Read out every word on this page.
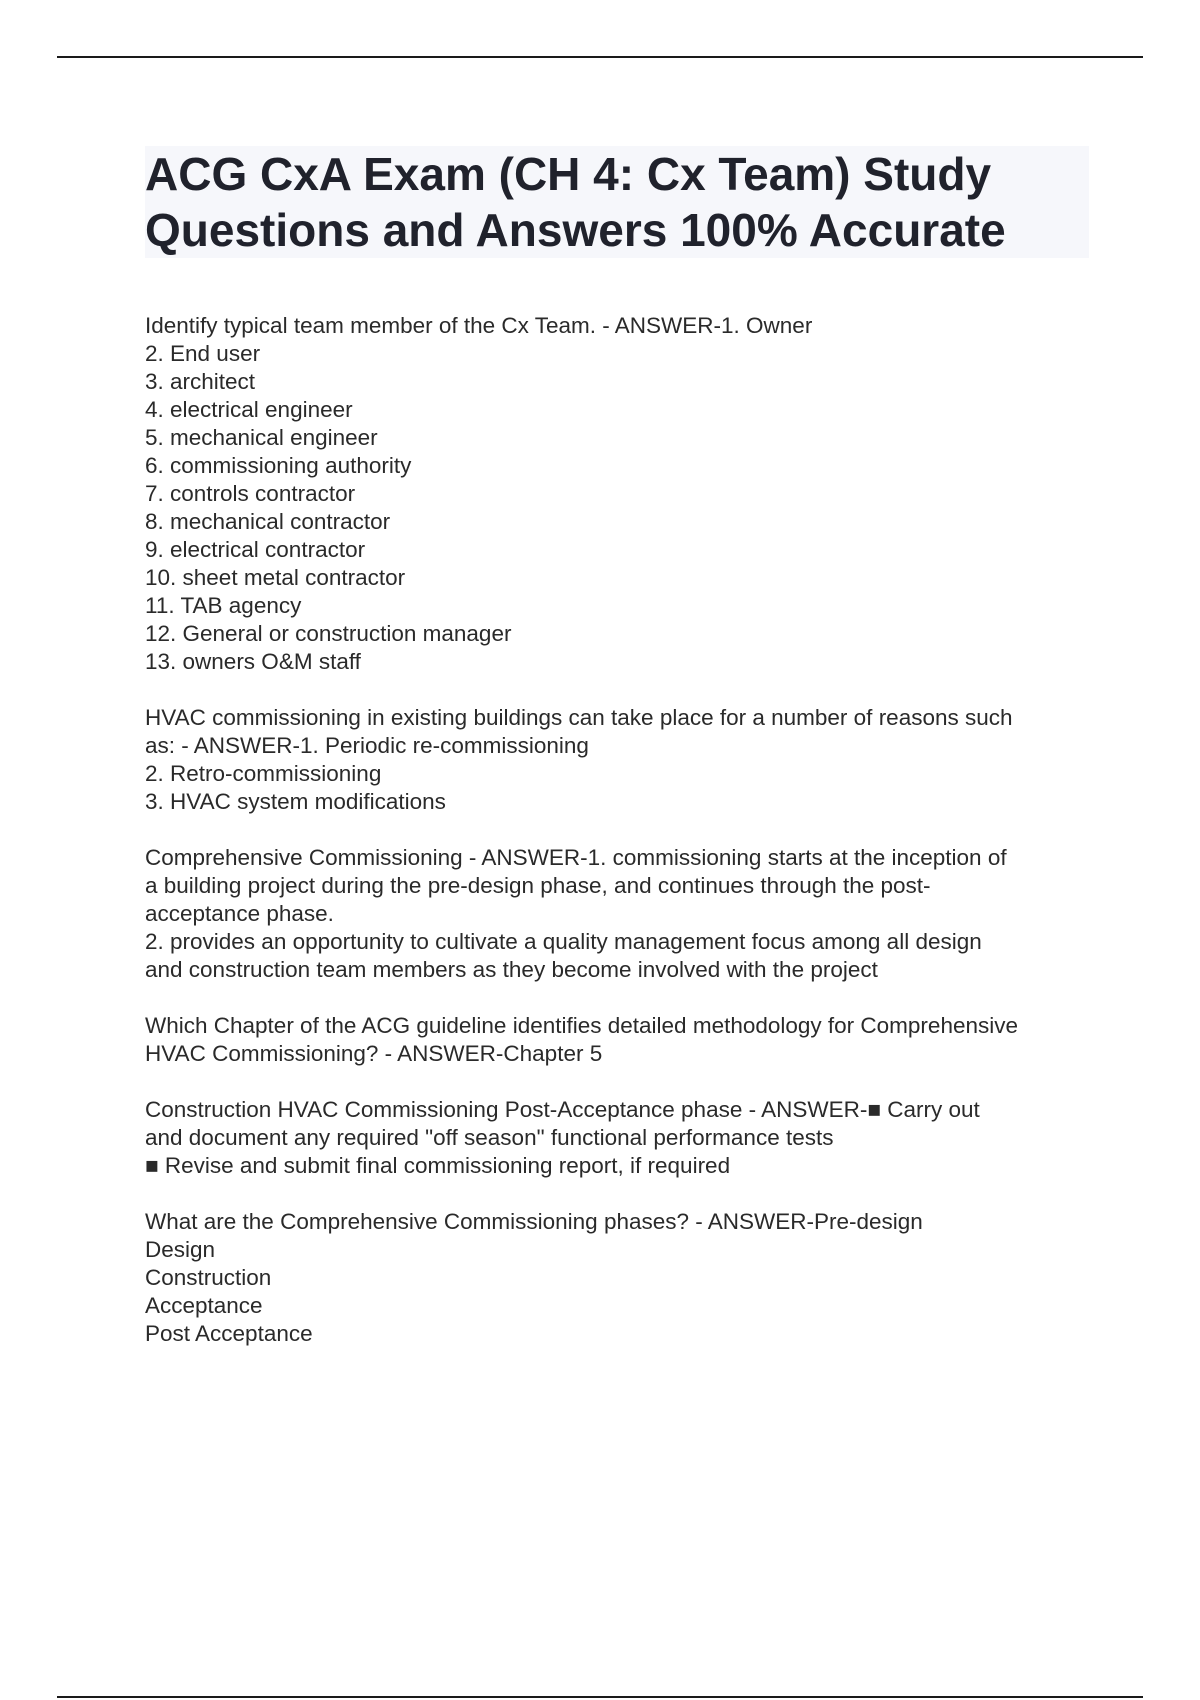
ACG CxA Exam (CH 4: Cx Team) Study
Questions and Answers 100% Accurate
Identify typical team member of the Cx Team. - ANSWER-1. Owner
2. End user
3. architect
4. electrical engineer
5. mechanical engineer
6. commissioning authority
7. controls contractor
8. mechanical contractor
9. electrical contractor
10. sheet metal contractor
11. TAB agency
12. General or construction manager
13. owners O&M staff
HVAC commissioning in existing buildings can take place for a number of reasons such
as: - ANSWER-1. Periodic re-commissioning
2. Retro-commissioning
3. HVAC system modifications
Comprehensive Commissioning - ANSWER-1. commissioning starts at the inception of
a building project during the pre-design phase, and continues through the post-
acceptance phase.
2. provides an opportunity to cultivate a quality management focus among all design
and construction team members as they become involved with the project
Which Chapter of the ACG guideline identifies detailed methodology for Comprehensive
HVAC Commissioning? - ANSWER-Chapter 5
Construction HVAC Commissioning Post-Acceptance phase - ANSWER-■ Carry out
and document any required "off season" functional performance tests
■ Revise and submit final commissioning report, if required
What are the Comprehensive Commissioning phases? - ANSWER-Pre-design
Design
Construction
Acceptance
Post Acceptance
